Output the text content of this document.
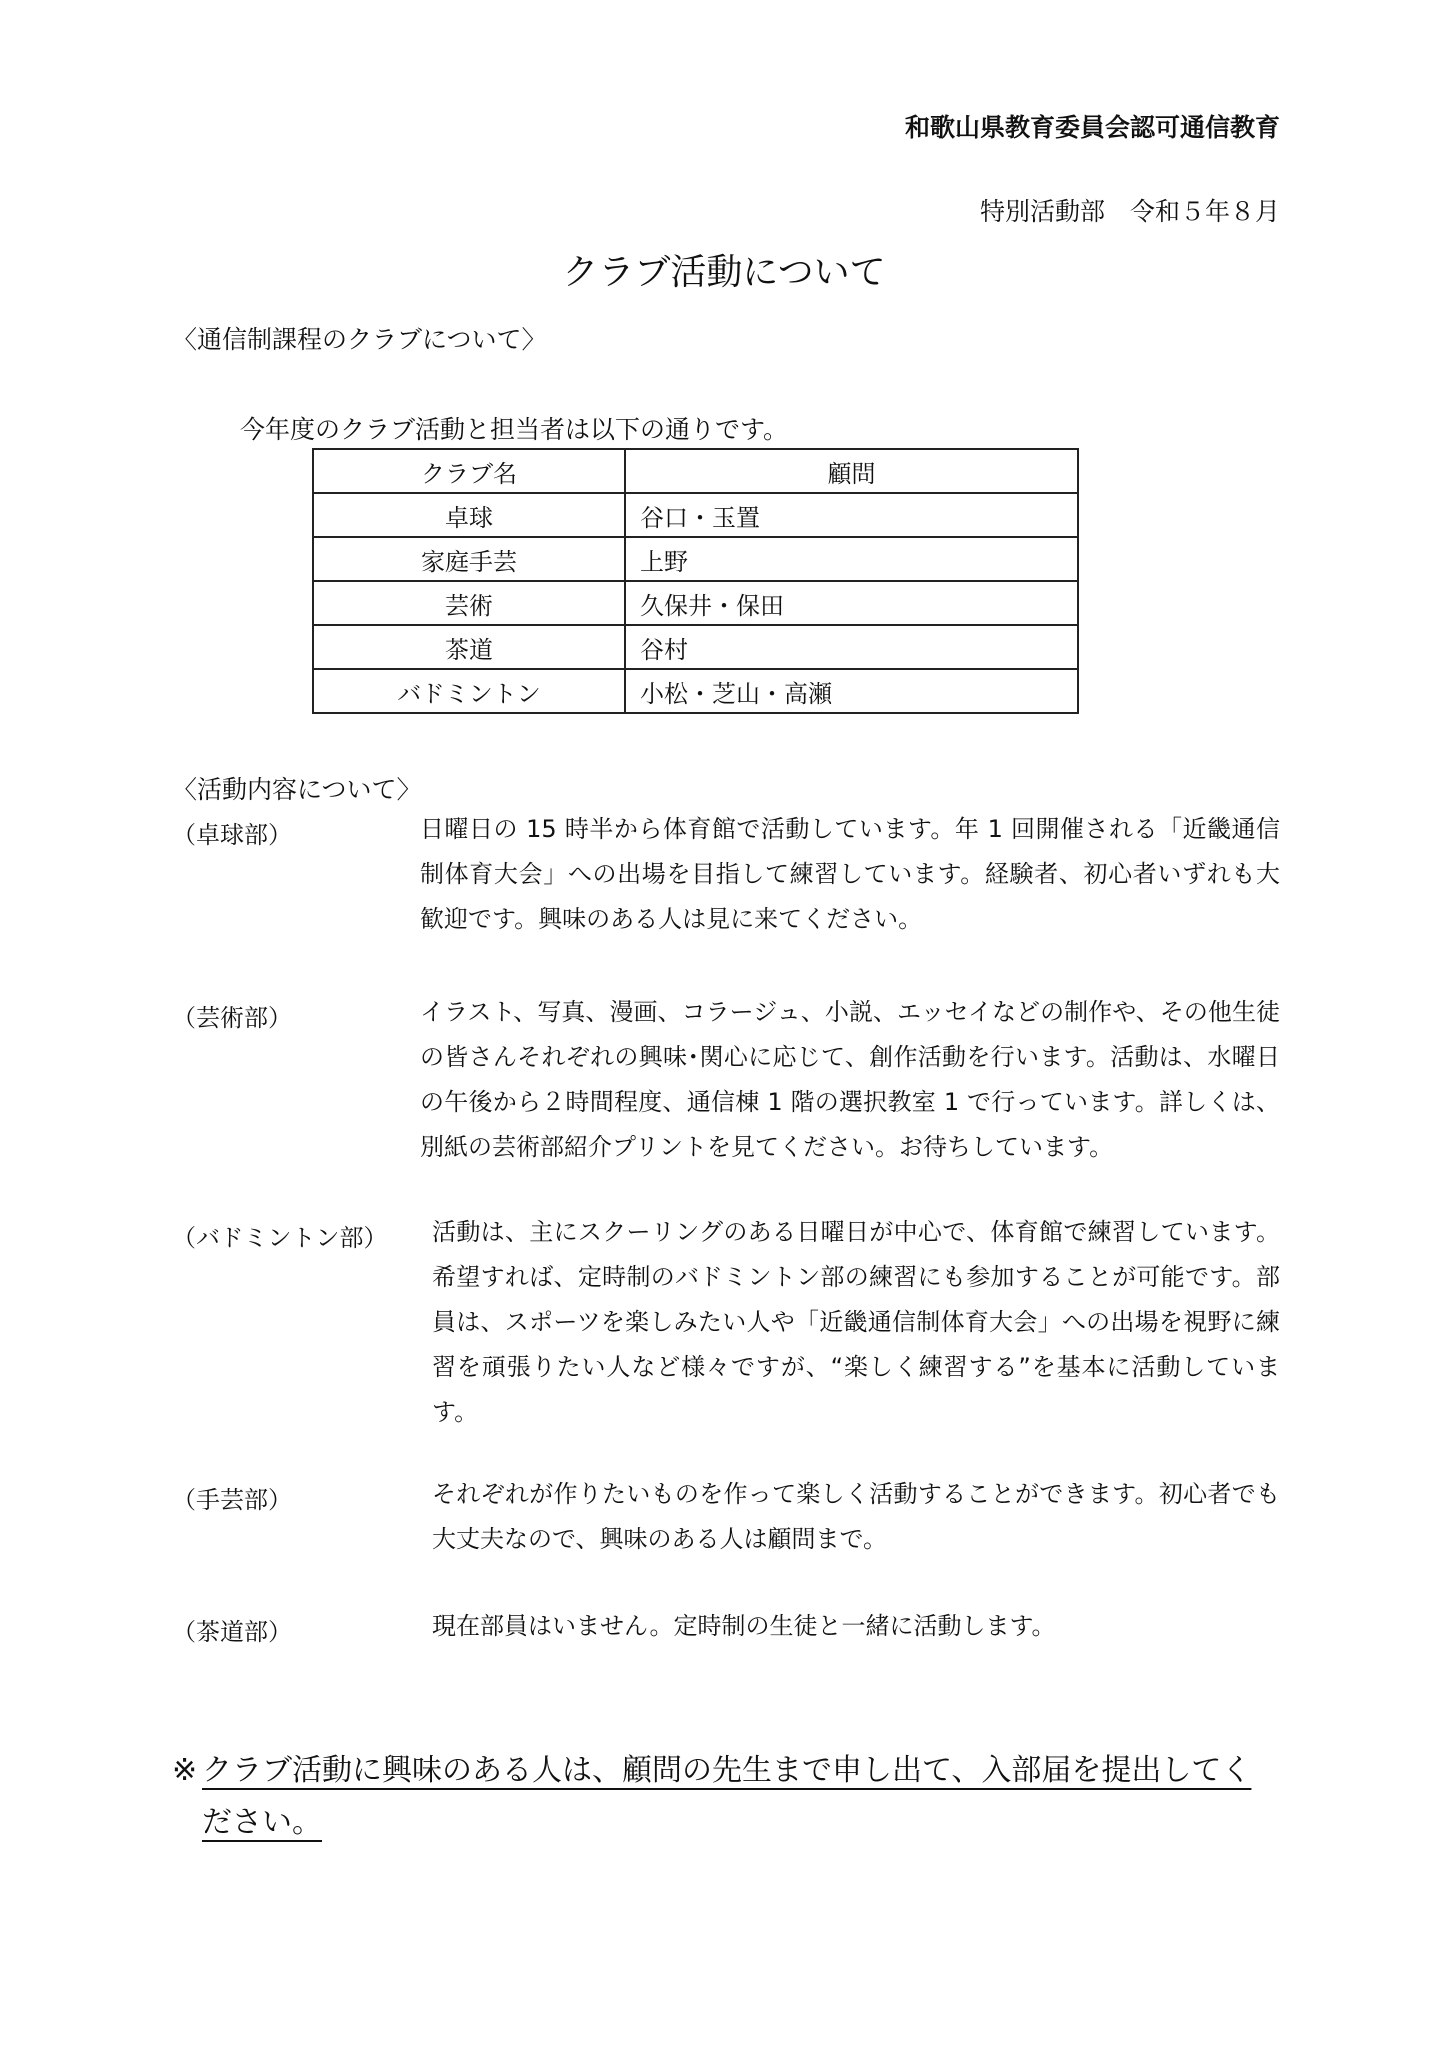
和歌山県教育委員会認可通信教育
特別活動部　令和５年８月
クラブ活動について
〈通信制課程のクラブについて〉
今年度のクラブ活動と担当者は以下の通りです。
クラブ名	顧問
卓球	谷口・玉置
家庭手芸	上野
芸術	久保井・保田
茶道	谷村
バドミントン	小松・芝山・高瀬
〈活動内容について〉
（卓球部）	日曜日の 15 時半から体育館で活動しています。年 1 回開催される「近畿通信制体育大会」への出場を目指して練習しています。経験者、初心者いずれも大歓迎です。興味のある人は見に来てください。
（芸術部）	イラスト、写真、漫画、コラージュ、小説、エッセイなどの制作や、その他生徒の皆さんそれぞれの興味･関心に応じて、創作活動を行います。活動は、水曜日の午後から２時間程度、通信棟 1 階の選択教室 1 で行っています。詳しくは、別紙の芸術部紹介プリントを見てください。お待ちしています。
（バドミントン部） 活動は、主にスクーリングのある日曜日が中心で、体育館で練習しています。希望すれば、定時制のバドミントン部の練習にも参加することが可能です。部員は、スポーツを楽しみたい人や「近畿通信制体育大会」への出場を視野に練習を頑張りたい人など様々ですが、“楽しく練習する”を基本に活動しています。
（手芸部）	それぞれが作りたいものを作って楽しく活動することができます。初心者でも大丈夫なので、興味のある人は顧問まで。
（茶道部）	現在部員はいません。定時制の生徒と一緒に活動します。
※ クラブ活動に興味のある人は、顧問の先生まで申し出て、入部届を提出してください。
